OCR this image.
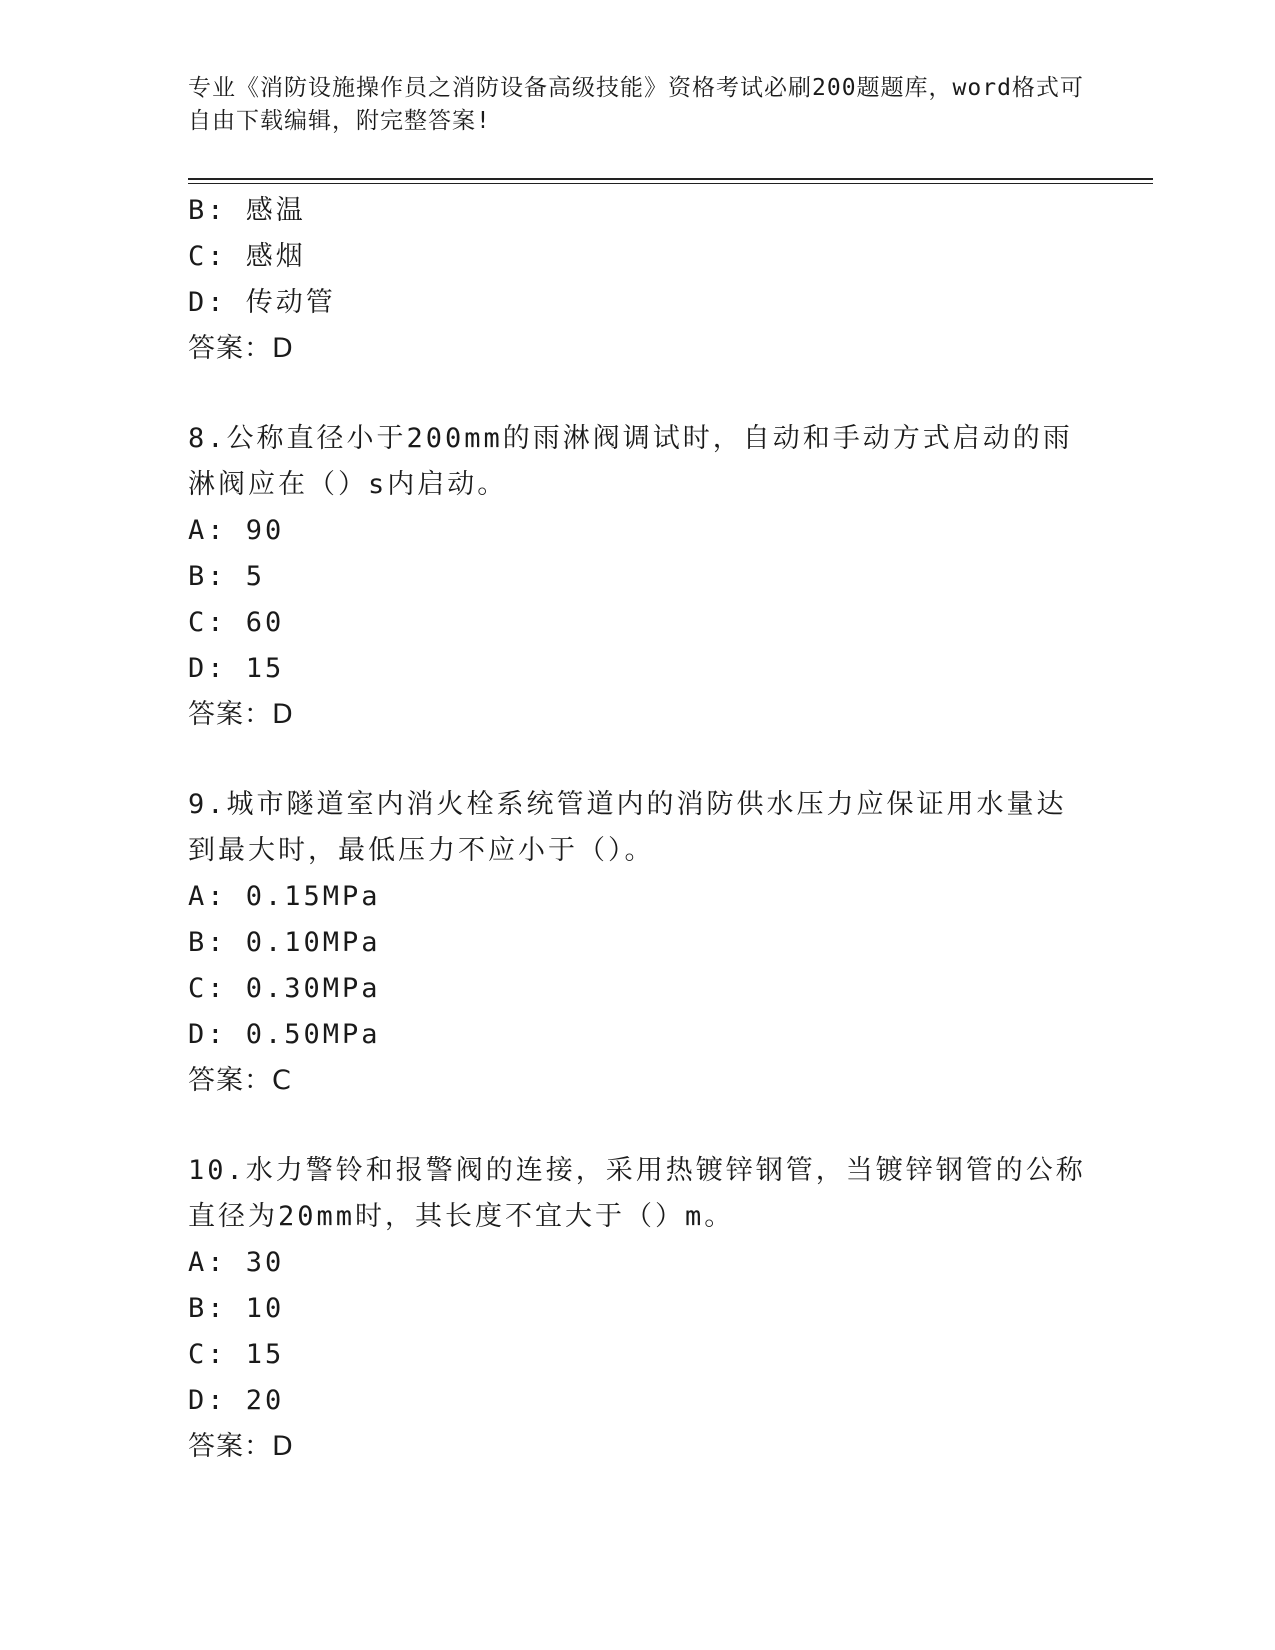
专业《消防设施操作员之消防设备高级技能》资格考试必刷200题题库，word格式可自由下载编辑，附完整答案!
B: 感温
C: 感烟
D: 传动管
答案：D
8.公称直径小于200mm的雨淋阀调试时，自动和手动方式启动的雨淋阀应在（）s内启动。
A: 90
B: 5
C: 60
D: 15
答案：D
9.城市隧道室内消火栓系统管道内的消防供水压力应保证用水量达到最大时，最低压力不应小于（）。
A: 0.15MPa
B: 0.10MPa
C: 0.30MPa
D: 0.50MPa
答案：C
10.水力警铃和报警阀的连接，采用热镀锌钢管，当镀锌钢管的公称直径为20mm时，其长度不宜大于（）m。
A: 30
B: 10
C: 15
D: 20
答案：D
